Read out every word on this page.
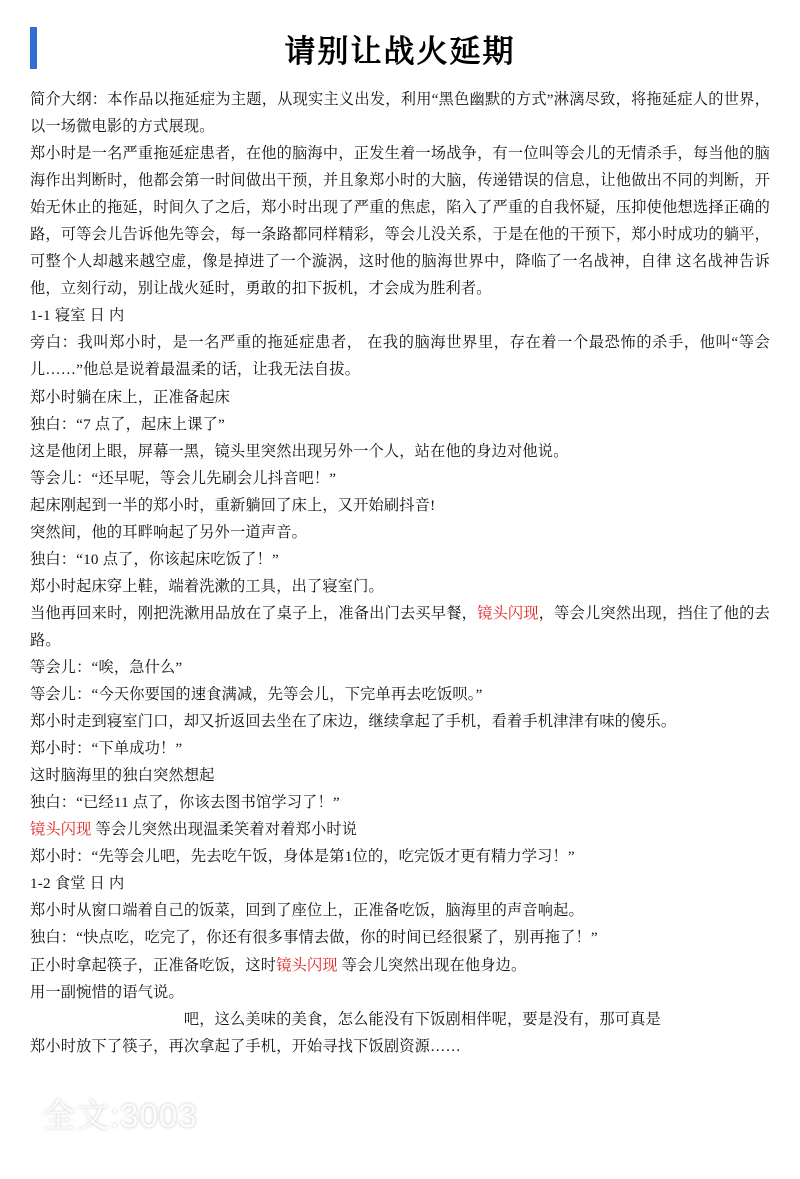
请别让战火延期

简介大纲：本作品以拖延症为主题，从现实主义出发，利用“黑色幽默的方式”淋漓尽致，将拖延症人的世界，以一场微电影的方式展现。

郑小时是一名严重拖延症患者，在他的脑海中，正发生着一场战争，有一位叫等会儿的无情杀手，每当他的脑海作出判断时，他都会第一时间做出干预，并且象郑小时的大脑，传递错误的信息，让他做出不同的判断，开始无休止的拖延，时间久了之后，郑小时出现了严重的焦虑，陷入了严重的自我怀疑，压抑使他想选择正确的路，可等会儿告诉他先等会，每一条路都同样精彩，等会儿没关系，于是在他的干预下，郑小时成功的躺平，可整个人却越来越空虚，像是掉进了一个漩涡，这时他的脑海世界中，降临了一名战神，自律 这名战神告诉他，立刻行动，别让战火延时，勇敢的扣下扳机，才会成为胜利者。

1-1 寝室 日 内

旁白：我叫郑小时，是一名严重的拖延症患者， 在我的脑海世界里，存在着一个最恐怖的杀手，他叫“等会儿……”他总是说着最温柔的话，让我无法自拔。

郑小时躺在床上，正准备起床

独白：“7 点了，起床上课了”

这是他闭上眼，屏幕一黑，镜头里突然出现另外一个人，站在他的身边对他说。

等会儿：“还早呢，等会儿先刷会儿抖音吧！”

起床刚起到一半的郑小时，重新躺回了床上，又开始刷抖音!

突然间，他的耳畔响起了另外一道声音。

独白：“10 点了，你该起床吃饭了！”

郑小时起床穿上鞋，端着洗漱的工具，出了寝室门。

当他再回来时，刚把洗漱用品放在了桌子上，准备出门去买早餐，镜头闪现，等会儿突然出现，挡住了他的去路。

等会儿：“唉，急什么”

等会儿：“今天你要国的速食满减，先等会儿，下完单再去吃饭呗。”

郑小时走到寝室门口，却又折返回去坐在了床边，继续拿起了手机，看着手机津津有味的傻乐。

郑小时：“下单成功！”

这时脑海里的独白突然想起

独白：“已经11 点了，你该去图书馆学习了！”

镜头闪现 等会儿突然出现温柔笑着对着郑小时说

郑小时：“先等会儿吧，先去吃午饭，身体是第1位的，吃完饭才更有精力学习！”

1-2 食堂 日 内

郑小时从窗口端着自己的饭菜，回到了座位上，正准备吃饭，脑海里的声音响起。

独白：“快点吃，吃完了，你还有很多事情去做，你的时间已经很紧了，别再拖了！”

正小时拿起筷子，正准备吃饭，这时镜头闪现 等会儿突然出现在他身边。

用一副惋惜的语气说。

　　　　　　　　　　吧，这么美味的美食，怎么能没有下饭剧相伴呢，要是没有，那可真是

郑小时放下了筷子，再次拿起了手机，开始寻找下饭剧资源……

全文:3003
